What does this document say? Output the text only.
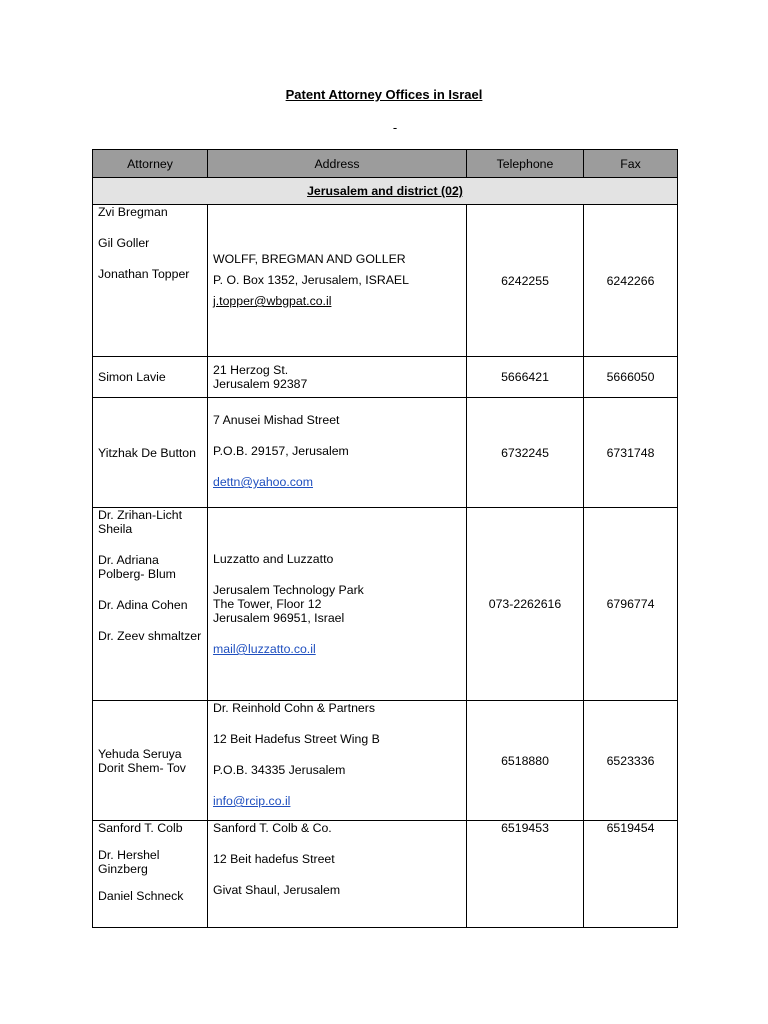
Patent Attorney Offices in Israel
-
Attorney	Address	Telephone	Fax
Jerusalem and district (02)			

Zvi Bregman
Gil Goller
Jonathan Topper	WOLFF, BREGMAN AND GOLLER
P. O. Box 1352, Jerusalem, ISRAEL
j.topper@wbgpat.co.il	6242255	6242266

Simon Lavie	21 Herzog St.
Jerusalem 92387	5666421	5666050

Yitzhak De Button	7 Anusei Mishad Street
P.O.B. 29157, Jerusalem
dettn@yahoo.com	6732245	6731748

Dr. Zrihan-Licht Sheila
Dr. Adriana Polberg- Blum
Dr. Adina Cohen
Dr. Zeev shmaltzer	Luzzatto and Luzzatto
Jerusalem Technology Park
The Tower, Floor 12
Jerusalem 96951, Israel
mail@luzzatto.co.il	073-2262616	6796774

Yehuda Seruya
Dorit Shem- Tov	Dr. Reinhold Cohn & Partners
12 Beit Hadefus Street Wing B
P.O.B. 34335 Jerusalem
info@rcip.co.il	6518880	6523336

Sanford T. Colb
Dr. Hershel Ginzberg
Daniel Schneck	Sanford T. Colb & Co.
12 Beit hadefus Street
Givat Shaul, Jerusalem	6519453	6519454
